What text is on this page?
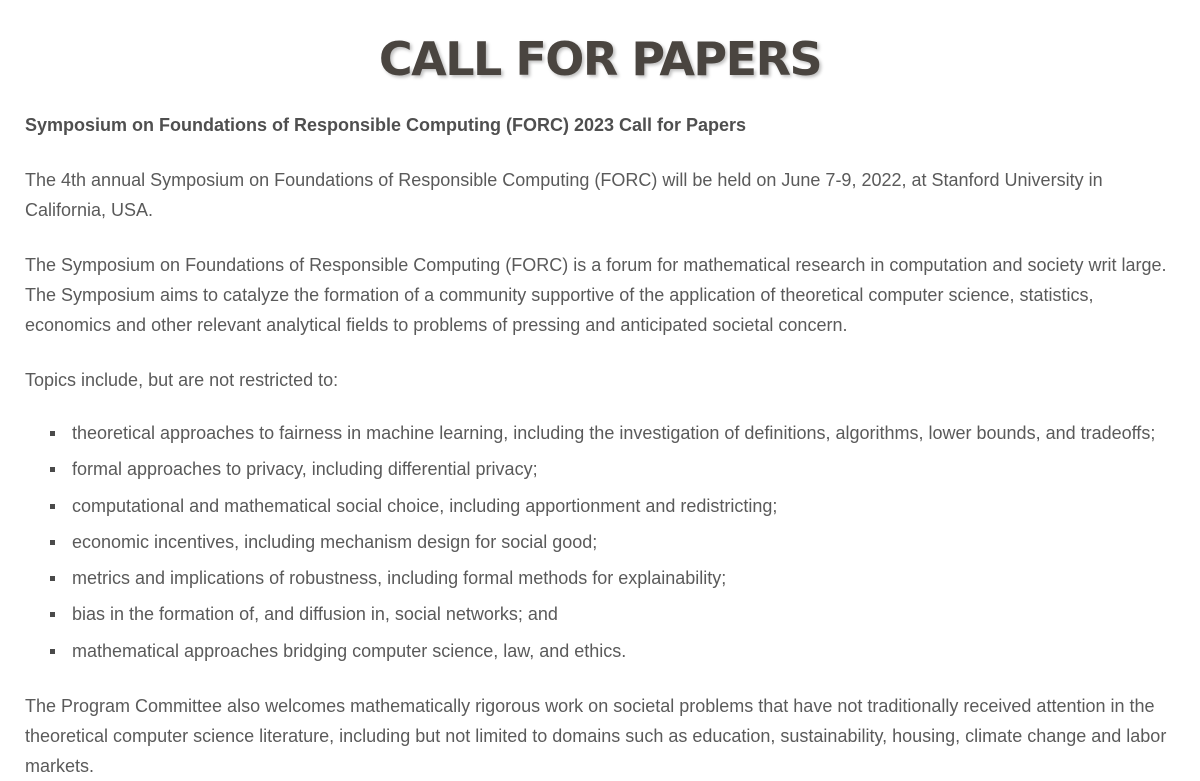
CALL FOR PAPERS

Symposium on Foundations of Responsible Computing (FORC) 2023 Call for Papers

The 4th annual Symposium on Foundations of Responsible Computing (FORC) will be held on June 7-9, 2022, at Stanford University in California, USA.

The Symposium on Foundations of Responsible Computing (FORC) is a forum for mathematical research in computation and society writ large. The Symposium aims to catalyze the formation of a community supportive of the application of theoretical computer science, statistics, economics and other relevant analytical fields to problems of pressing and anticipated societal concern.

Topics include, but are not restricted to:

theoretical approaches to fairness in machine learning, including the investigation of definitions, algorithms, lower bounds, and tradeoffs;
formal approaches to privacy, including differential privacy;
computational and mathematical social choice, including apportionment and redistricting;
economic incentives, including mechanism design for social good;
metrics and implications of robustness, including formal methods for explainability;
bias in the formation of, and diffusion in, social networks; and
mathematical approaches bridging computer science, law, and ethics.

The Program Committee also welcomes mathematically rigorous work on societal problems that have not traditionally received attention in the theoretical computer science literature, including but not limited to domains such as education, sustainability, housing, climate change and labor markets.
